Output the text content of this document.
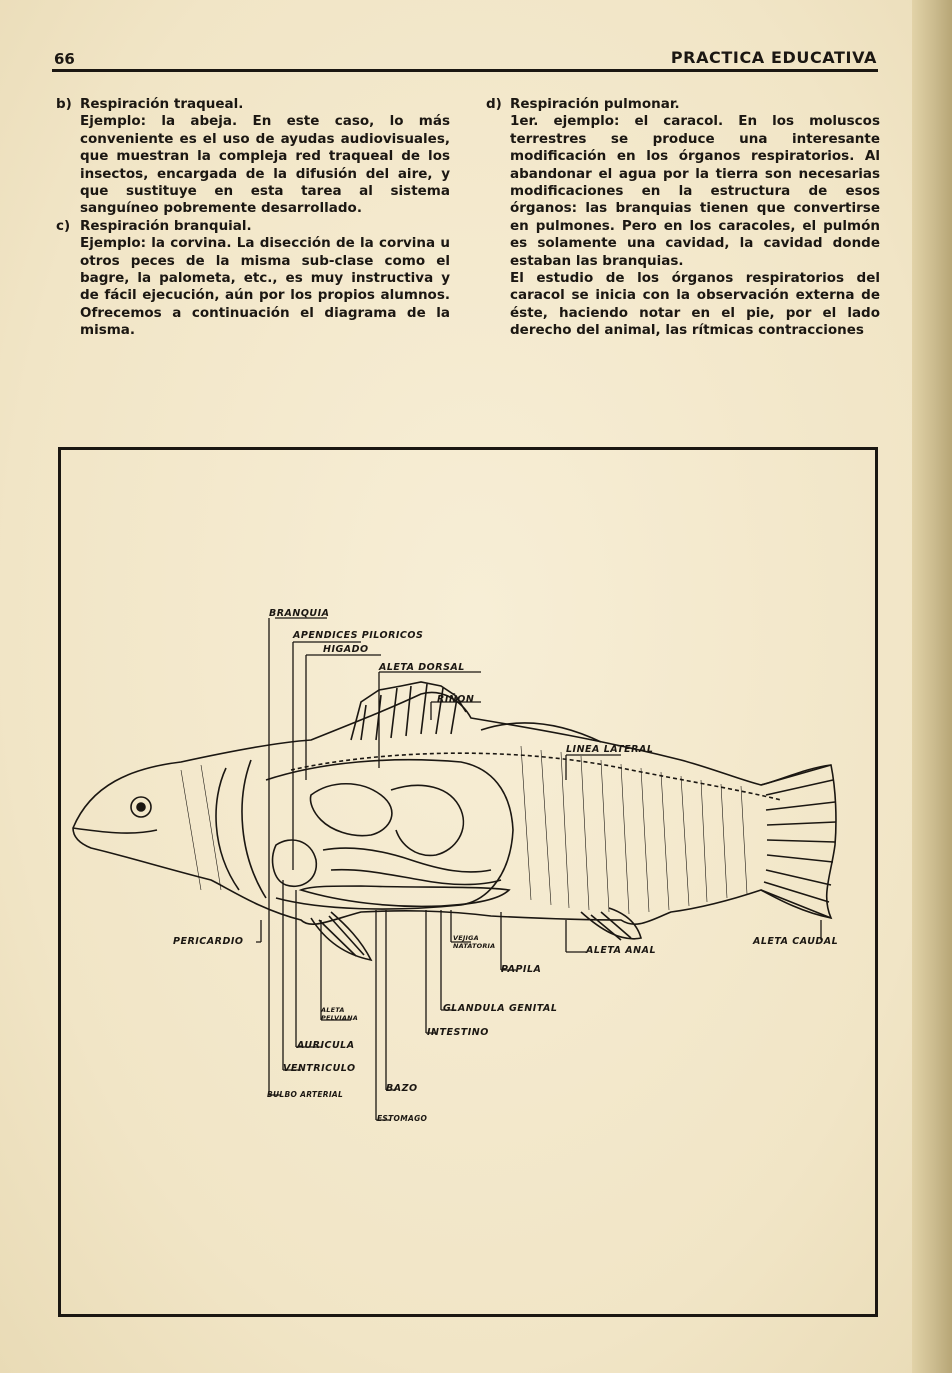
66	PRACTICA EDUCATIVA
b) Respiración traqueal.

Ejemplo: la abeja. En este caso, lo más conveniente es el uso de ayudas audiovisuales, que muestran la compleja red traqueal de los insectos, encargada de la difusión del aire, y que sustituye en esta tarea al sistema sanguíneo pobremente desarrollado.

c) Respiración branquial.

Ejemplo: la corvina. La disección de la corvina u otros peces de la misma sub-clase como el bagre, la palometa, etc., es muy instructiva y de fácil ejecución, aún por los propios alumnos. Ofrecemos a continuación el diagrama de la misma.

d) Respiración pulmonar.

1er. ejemplo: el caracol. En los moluscos terrestres se produce una interesante modificación en los órganos respiratorios. Al abandonar el agua por la tierra son necesarias modificaciones en la estructura de esos órganos: las branquias tienen que convertirse en pulmones. Pero en los caracoles, el pulmón es solamente una cavidad, la cavidad donde estaban las branquias.

El estudio de los órganos respiratorios del caracol se inicia con la observación externa de éste, haciendo notar en el pie, por el lado derecho del animal, las rítmicas contracciones

BRANQUIA
APENDICES PILORICOS
HIGADO
ALETA DORSAL
RIÑON
LINEA LATERAL
PERICARDIO	VEJIGA NATATORIA	ALETA ANAL
ALETA CAUDAL
PAPILA
ALETA PELVIANA
GLANDULA GENITAL
INTESTINO
AURICULA
VENTRICULO
BULBO ARTERIAL
BAZO
ESTOMAGO
